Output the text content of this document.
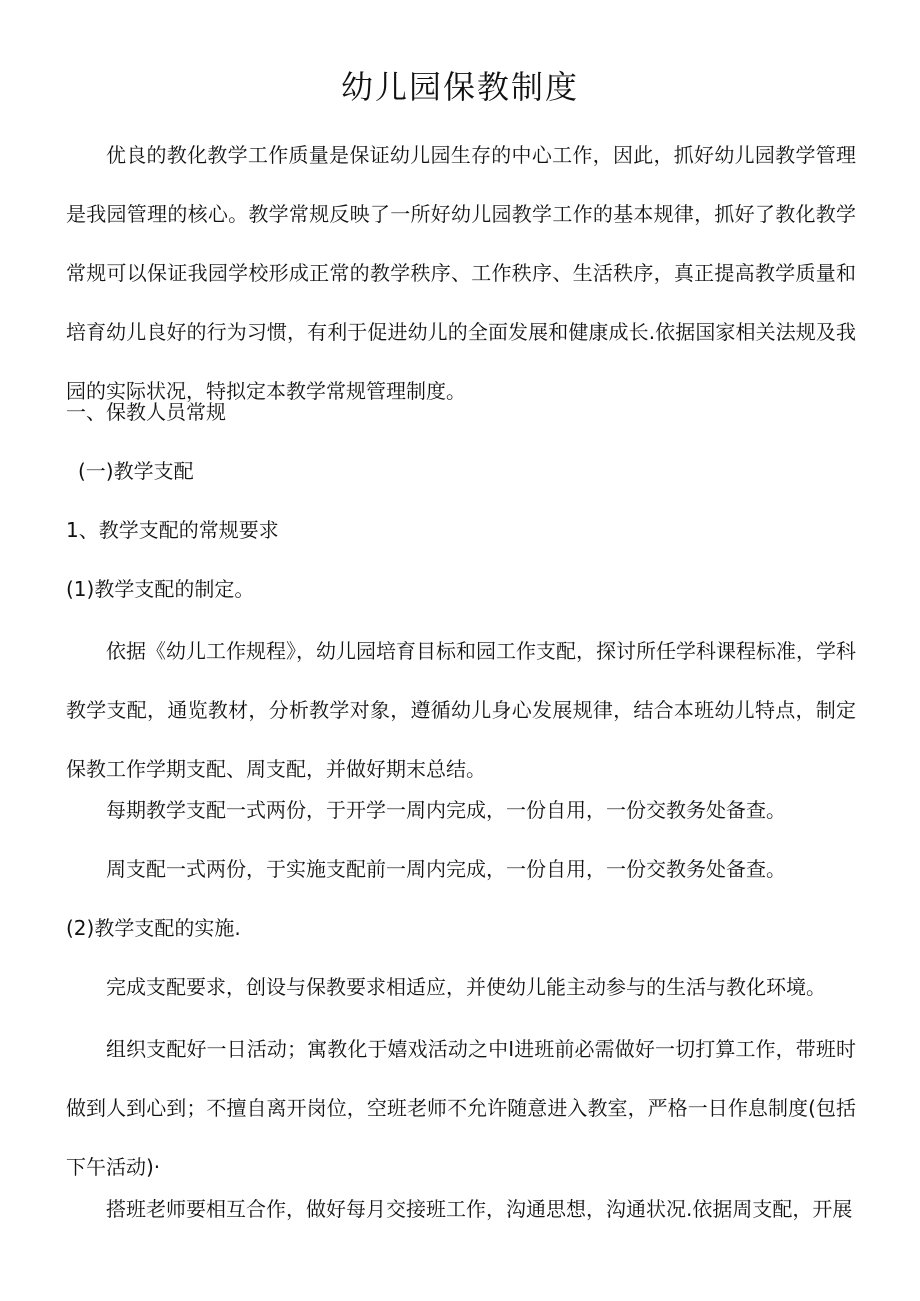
幼儿园保教制度

优良的教化教学工作质量是保证幼儿园生存的中心工作，因此，抓好幼儿园教学管理是我园管理的核心。教学常规反映了一所好幼儿园教学工作的基本规律，抓好了教化教学常规可以保证我园学校形成正常的教学秩序、工作秩序、生活秩序，真正提高教学质量和培育幼儿良好的行为习惯，有利于促进幼儿的全面发展和健康成长.依据国家相关法规及我园的实际状况，特拟定本教学常规管理制度。

一、保教人员常规

(一)教学支配

1、教学支配的常规要求

(1)教学支配的制定。

依据《幼儿工作规程》，幼儿园培育目标和园工作支配，探讨所任学科课程标准，学科教学支配，通览教材，分析教学对象，遵循幼儿身心发展规律，结合本班幼儿特点，制定保教工作学期支配、周支配，并做好期末总结。

每期教学支配一式两份，于开学一周内完成，一份自用，一份交教务处备查。

周支配一式两份，于实施支配前一周内完成，一份自用，一份交教务处备查。

(2)教学支配的实施.

完成支配要求，创设与保教要求相适应，并使幼儿能主动参与的生活与教化环境。

组织支配好一日活动；寓教化于嬉戏活动之中I进班前必需做好一切打算工作，带班时做到人到心到；不擅自离开岗位，空班老师不允许随意进入教室，严格一日作息制度(包括下午活动)·

搭班老师要相互合作，做好每月交接班工作，沟通思想，沟通状况.依据周支配，开展
